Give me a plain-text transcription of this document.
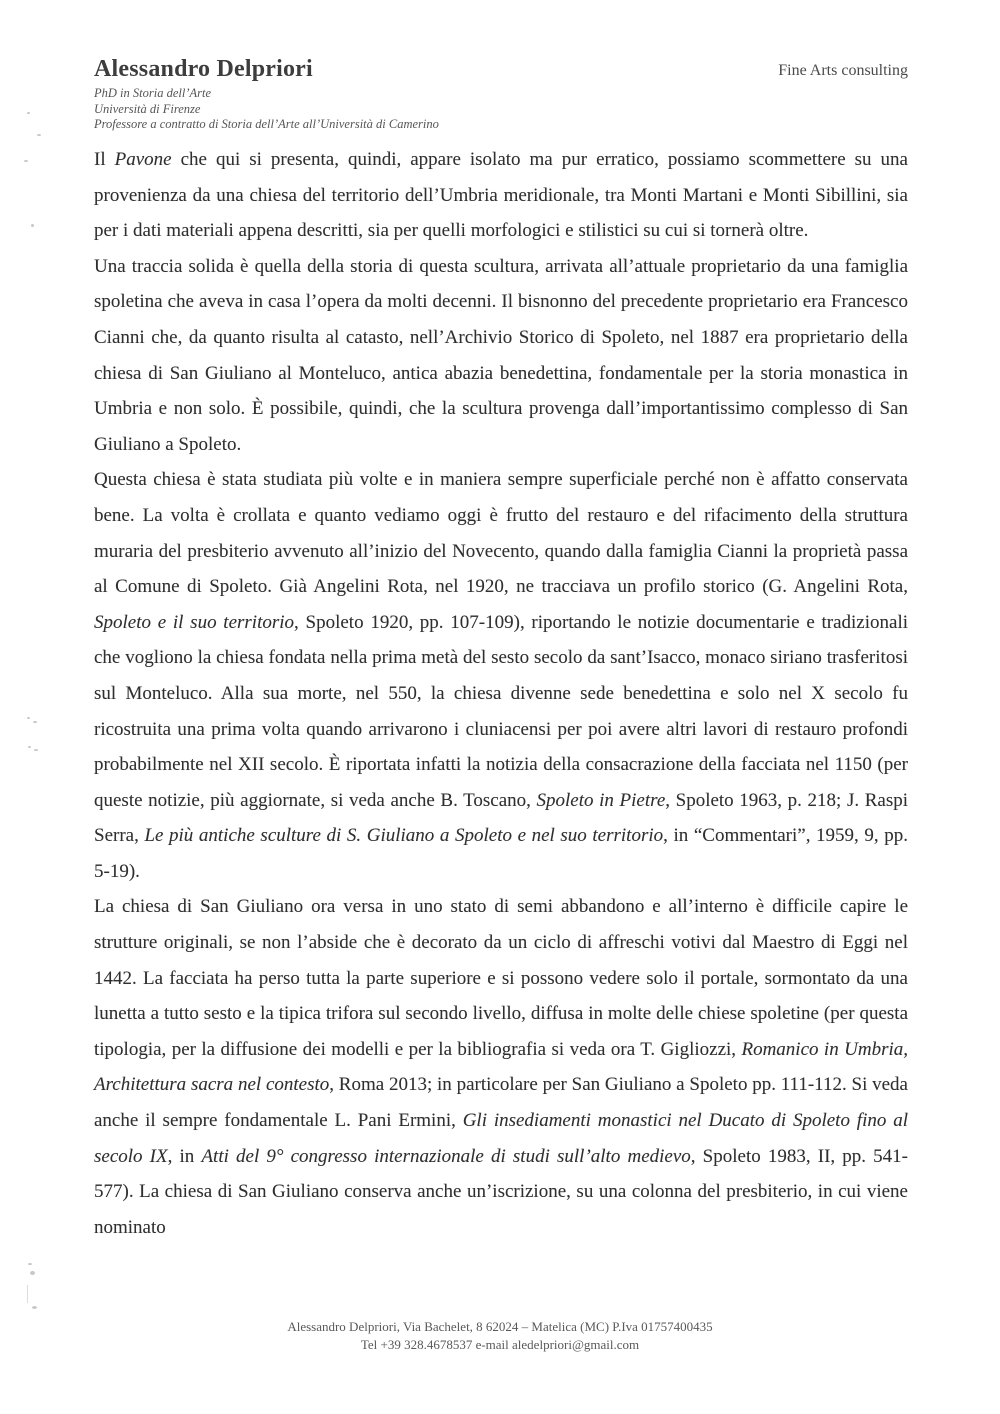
Alessandro Delpriori	Fine Arts consulting
PhD in Storia dell’Arte
Università di Firenze
Professore a contratto di Storia dell’Arte all’Università di Camerino

Il Pavone che qui si presenta, quindi, appare isolato ma pur erratico, possiamo scommettere su una provenienza da una chiesa del territorio dell’Umbria meridionale, tra Monti Martani e Monti Sibillini, sia per i dati materiali appena descritti, sia per quelli morfologici e stilistici su cui si tornerà oltre.

Una traccia solida è quella della storia di questa scultura, arrivata all’attuale proprietario da una famiglia spoletina che aveva in casa l’opera da molti decenni. Il bisnonno del precedente proprietario era Francesco Cianni che, da quanto risulta al catasto, nell’Archivio Storico di Spoleto, nel 1887 era proprietario della chiesa di San Giuliano al Monteluco, antica abazia benedettina, fondamentale per la storia monastica in Umbria e non solo. È possibile, quindi, che la scultura provenga dall’importantissimo complesso di San Giuliano a Spoleto.

Questa chiesa è stata studiata più volte e in maniera sempre superficiale perché non è affatto conservata bene. La volta è crollata e quanto vediamo oggi è frutto del restauro e del rifacimento della struttura muraria del presbiterio avvenuto all’inizio del Novecento, quando dalla famiglia Cianni la proprietà passa al Comune di Spoleto. Già Angelini Rota, nel 1920, ne tracciava un profilo storico (G. Angelini Rota, Spoleto e il suo territorio, Spoleto 1920, pp. 107-109), riportando le notizie documentarie e tradizionali che vogliono la chiesa fondata nella prima metà del sesto secolo da sant’Isacco, monaco siriano trasferitosi sul Monteluco. Alla sua morte, nel 550, la chiesa divenne sede benedettina e solo nel X secolo fu ricostruita una prima volta quando arrivarono i cluniacensi per poi avere altri lavori di restauro profondi probabilmente nel XII secolo. È riportata infatti la notizia della consacrazione della facciata nel 1150 (per queste notizie, più aggiornate, si veda anche B. Toscano, Spoleto in Pietre, Spoleto 1963, p. 218; J. Raspi Serra, Le più antiche sculture di S. Giuliano a Spoleto e nel suo territorio, in “Commentari”, 1959, 9, pp. 5-19).

La chiesa di San Giuliano ora versa in uno stato di semi abbandono e all’interno è difficile capire le strutture originali, se non l’abside che è decorato da un ciclo di affreschi votivi dal Maestro di Eggi nel 1442. La facciata ha perso tutta la parte superiore e si possono vedere solo il portale, sormontato da una lunetta a tutto sesto e la tipica trifora sul secondo livello, diffusa in molte delle chiese spoletine (per questa tipologia, per la diffusione dei modelli e per la bibliografia si veda ora T. Gigliozzi, Romanico in Umbria, Architettura sacra nel contesto, Roma 2013; in particolare per San Giuliano a Spoleto pp. 111-112. Si veda anche il sempre fondamentale L. Pani Ermini, Gli insediamenti monastici nel Ducato di Spoleto fino al secolo IX, in Atti del 9° congresso internazionale di studi sull’alto medievo, Spoleto 1983, II, pp. 541-577). La chiesa di San Giuliano conserva anche un’iscrizione, su una colonna del presbiterio, in cui viene nominato

Alessandro Delpriori, Via Bachelet, 8 62024 – Matelica (MC) P.Iva 01757400435
Tel +39 328.4678537 e-mail aledelpriori@gmail.com
